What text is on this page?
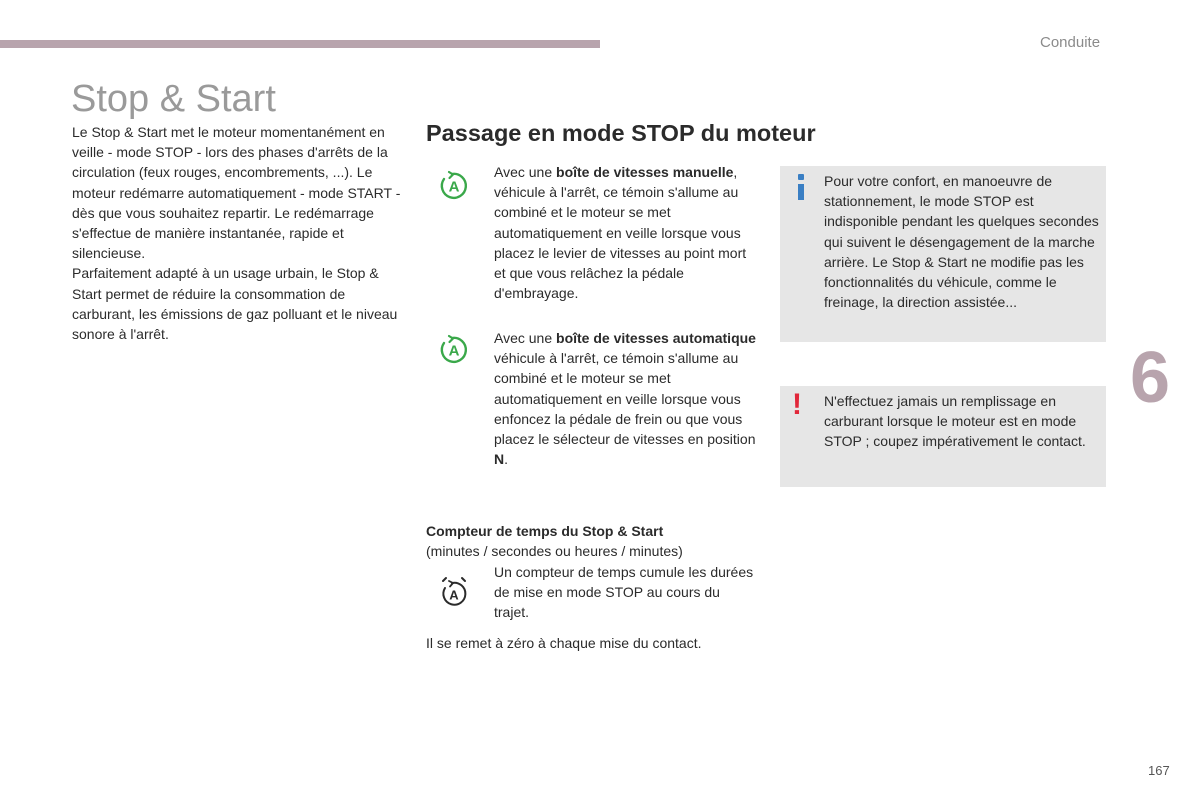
Conduite
Stop & Start

Le Stop & Start met le moteur momentanément en veille - mode STOP - lors des phases d'arrêts de la circulation (feux rouges, encombrements, ...). Le moteur redémarre automatiquement - mode START - dès que vous souhaitez repartir. Le redémarrage s'effectue de manière instantanée, rapide et silencieuse.

Parfaitement adapté à un usage urbain, le Stop & Start permet de réduire la consommation de carburant, les émissions de gaz polluant et le niveau sonore à l'arrêt.

Passage en mode STOP du moteur
A

Avec une boîte de vitesses manuelle, véhicule à l'arrêt, ce témoin s'allume au combiné et le moteur se met automatiquement en veille lorsque vous placez le levier de vitesses au point mort et que vous relâchez la pédale d'embrayage.

A

Avec une boîte de vitesses automatique véhicule à l'arrêt, ce témoin s'allume au combiné et le moteur se met automatiquement en veille lorsque vous enfoncez la pédale de frein ou que vous placez le sélecteur de vitesses en position N.

Compteur de temps du Stop & Start
(minutes / secondes ou heures / minutes)
A

Un compteur de temps cumule les durées de mise en mode STOP au cours du trajet.

Il se remet à zéro à chaque mise du contact.

Pour votre confort, en manoeuvre de stationnement, le mode STOP est indisponible pendant les quelques secondes qui suivent le désengagement de la marche arrière. Le Stop & Start ne modifie pas les fonctionnalités du véhicule, comme le freinage, la direction assistée...

! N'effectuez jamais un remplissage en carburant lorsque le moteur est en mode STOP ; coupez impérativement le contact.

6
167
